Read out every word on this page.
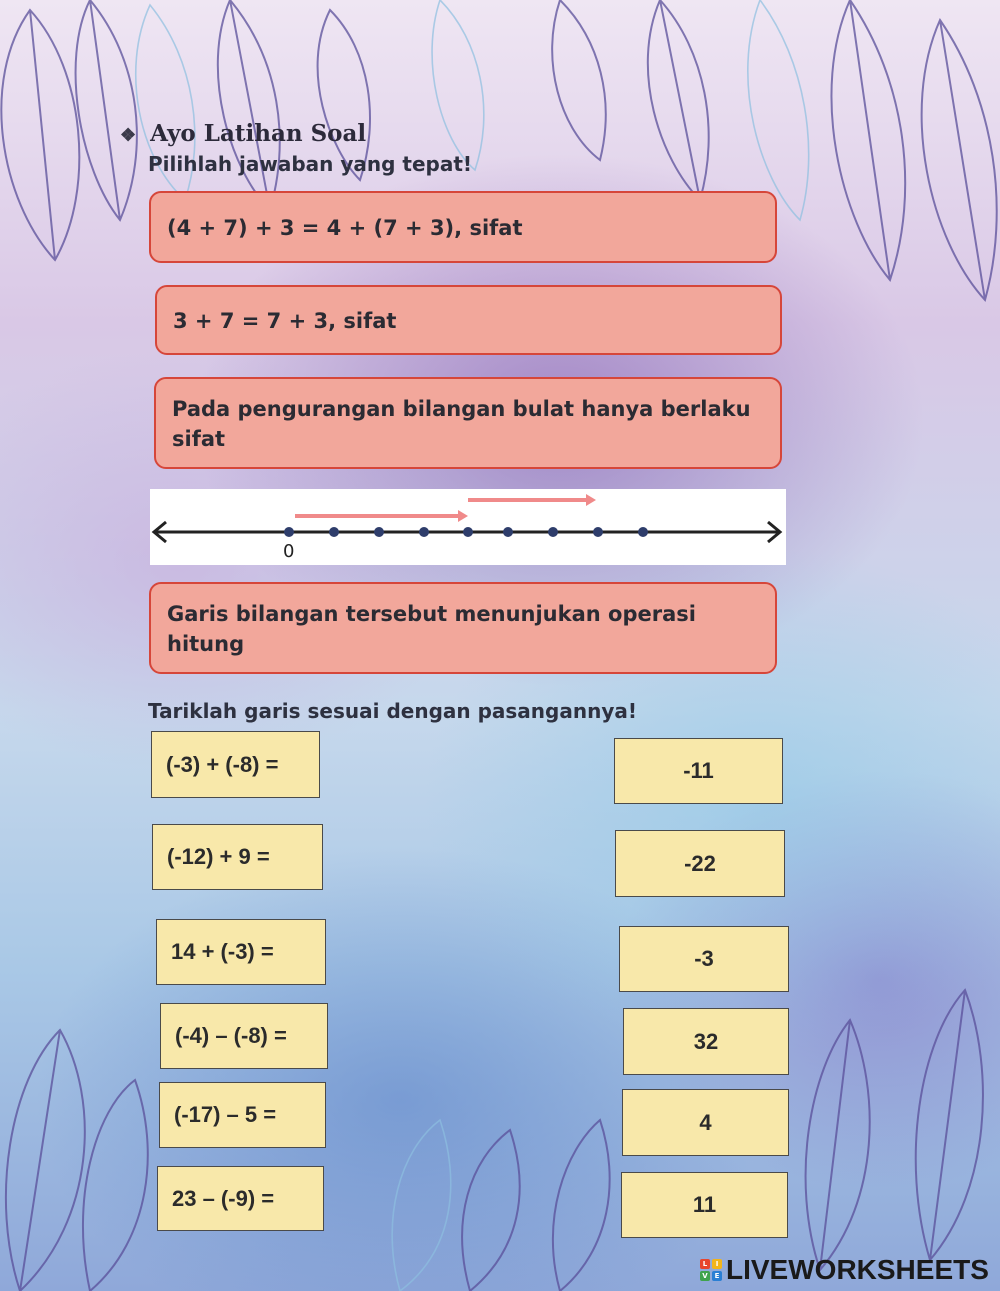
❖ Ayo Latihan Soal
Pilihlah jawaban yang tepat!
(4 + 7) + 3 = 4 + (7 + 3), sifat
3 + 7 = 7 + 3, sifat
Pada pengurangan bilangan bulat hanya berlaku sifat
0
Garis bilangan tersebut menunjukan operasi hitung
Tariklah garis sesuai dengan pasangannya!
(-3) + (-8) =
(-12) + 9 =
14 + (-3) =
(-4) – (-8) =
(-17) – 5 =
23 – (-9) =
-11
-22
-3
32
4
11
L	I
V E LIVEWORKSHEETS
